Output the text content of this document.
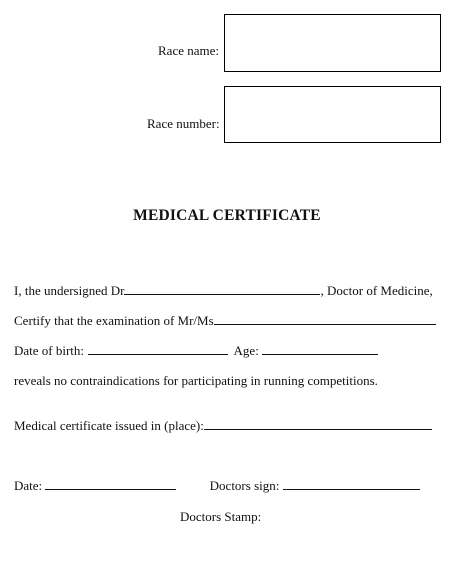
Race name:
Race number:
MEDICAL CERTIFICATE
I, the undersigned Dr	, Doctor of Medicine,
Certify that the examination of Mr/Ms
Date of birth:	Age:
reveals no contraindications for participating in running competitions.
Medical certificate issued in (place):
Date:	Doctors sign:
Doctors Stamp:
